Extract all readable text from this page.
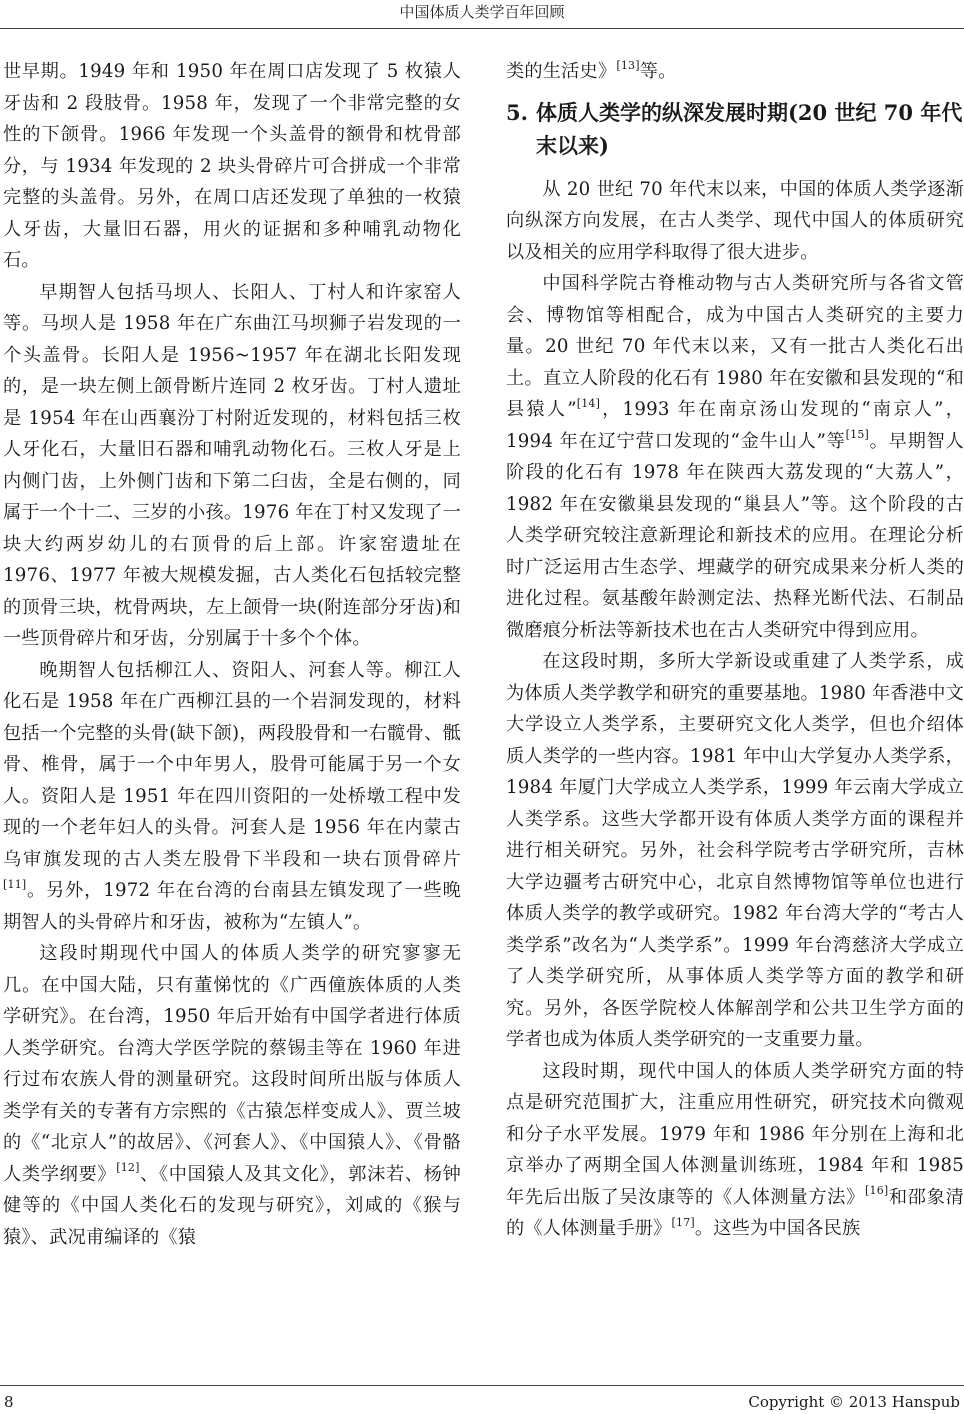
中国体质人类学百年回顾

世早期。1949 年和 1950 年在周口店发现了 5 枚猿人牙齿和 2 段肢骨。1958 年，发现了一个非常完整的女性的下颌骨。1966 年发现一个头盖骨的额骨和枕骨部分，与 1934 年发现的 2 块头骨碎片可合拼成一个非常完整的头盖骨。另外，在周口店还发现了单独的一枚猿人牙齿，大量旧石器，用火的证据和多种哺乳动物化石。

早期智人包括马坝人、长阳人、丁村人和许家窑人等。马坝人是 1958 年在广东曲江马坝狮子岩发现的一个头盖骨。长阳人是 1956~1957 年在湖北长阳发现的，是一块左侧上颌骨断片连同 2 枚牙齿。丁村人遗址是 1954 年在山西襄汾丁村附近发现的，材料包括三枚人牙化石，大量旧石器和哺乳动物化石。三枚人牙是上内侧门齿，上外侧门齿和下第二臼齿，全是右侧的，同属于一个十二、三岁的小孩。1976 年在丁村又发现了一块大约两岁幼儿的右顶骨的后上部。许家窑遗址在 1976、1977 年被大规模发掘，古人类化石包括较完整的顶骨三块，枕骨两块，左上颌骨一块(附连部分牙齿)和一些顶骨碎片和牙齿，分别属于十多个个体。

晚期智人包括柳江人、资阳人、河套人等。柳江人化石是 1958 年在广西柳江县的一个岩洞发现的，材料包括一个完整的头骨(缺下颌)，两段股骨和一右髋骨、骶骨、椎骨，属于一个中年男人，股骨可能属于另一个女人。资阳人是 1951 年在四川资阳的一处桥墩工程中发现的一个老年妇人的头骨。河套人是 1956 年在内蒙古乌审旗发现的古人类左股骨下半段和一块右顶骨碎片[11]。另外，1972 年在台湾的台南县左镇发现了一些晚期智人的头骨碎片和牙齿，被称为“左镇人”。

这段时期现代中国人的体质人类学的研究寥寥无几。在中国大陆，只有董悌忱的《广西僮族体质的人类学研究》。在台湾，1950 年后开始有中国学者进行体质人类学研究。台湾大学医学院的蔡锡圭等在 1960 年进行过布农族人骨的测量研究。这段时间所出版与体质人类学有关的专著有方宗熙的《古猿怎样变成人》、贾兰坡的《“北京人”的故居》、《河套人》、《中国猿人》、《骨骼人类学纲要》[12]、《中国猿人及其文化》，郭沫若、杨钟健等的《中国人类化石的发现与研究》，刘咸的《猴与猿》、武况甫编译的《猿

类的生活史》[13]等。

5. 体质人类学的纵深发展时期(20 世纪 70 年代末以来)

从 20 世纪 70 年代末以来，中国的体质人类学逐渐向纵深方向发展，在古人类学、现代中国人的体质研究以及相关的应用学科取得了很大进步。

中国科学院古脊椎动物与古人类研究所与各省文管会、博物馆等相配合，成为中国古人类研究的主要力量。20 世纪 70 年代末以来，又有一批古人类化石出土。直立人阶段的化石有 1980 年在安徽和县发现的“和县猿人”[14]，1993 年在南京汤山发现的“南京人”，1994 年在辽宁营口发现的“金牛山人”等[15]。早期智人阶段的化石有 1978 年在陕西大荔发现的“大荔人”，1982 年在安徽巢县发现的“巢县人”等。这个阶段的古人类学研究较注意新理论和新技术的应用。在理论分析时广泛运用古生态学、埋藏学的研究成果来分析人类的进化过程。氨基酸年龄测定法、热释光断代法、石制品微磨痕分析法等新技术也在古人类研究中得到应用。

在这段时期，多所大学新设或重建了人类学系，成为体质人类学教学和研究的重要基地。1980 年香港中文大学设立人类学系，主要研究文化人类学，但也介绍体质人类学的一些内容。1981 年中山大学复办人类学系，1984 年厦门大学成立人类学系，1999 年云南大学成立人类学系。这些大学都开设有体质人类学方面的课程并进行相关研究。另外，社会科学院考古学研究所，吉林大学边疆考古研究中心，北京自然博物馆等单位也进行体质人类学的教学或研究。1982 年台湾大学的“考古人类学系”改名为“人类学系”。1999 年台湾慈济大学成立了人类学研究所，从事体质人类学等方面的教学和研究。另外，各医学院校人体解剖学和公共卫生学方面的学者也成为体质人类学研究的一支重要力量。

这段时期，现代中国人的体质人类学研究方面的特点是研究范围扩大，注重应用性研究，研究技术向微观和分子水平发展。1979 年和 1986 年分别在上海和北京举办了两期全国人体测量训练班，1984 年和 1985 年先后出版了吴汝康等的《人体测量方法》[16]和邵象清的《人体测量手册》[17]。这些为中国各民族

8	Copyright © 2013 Hanspub
